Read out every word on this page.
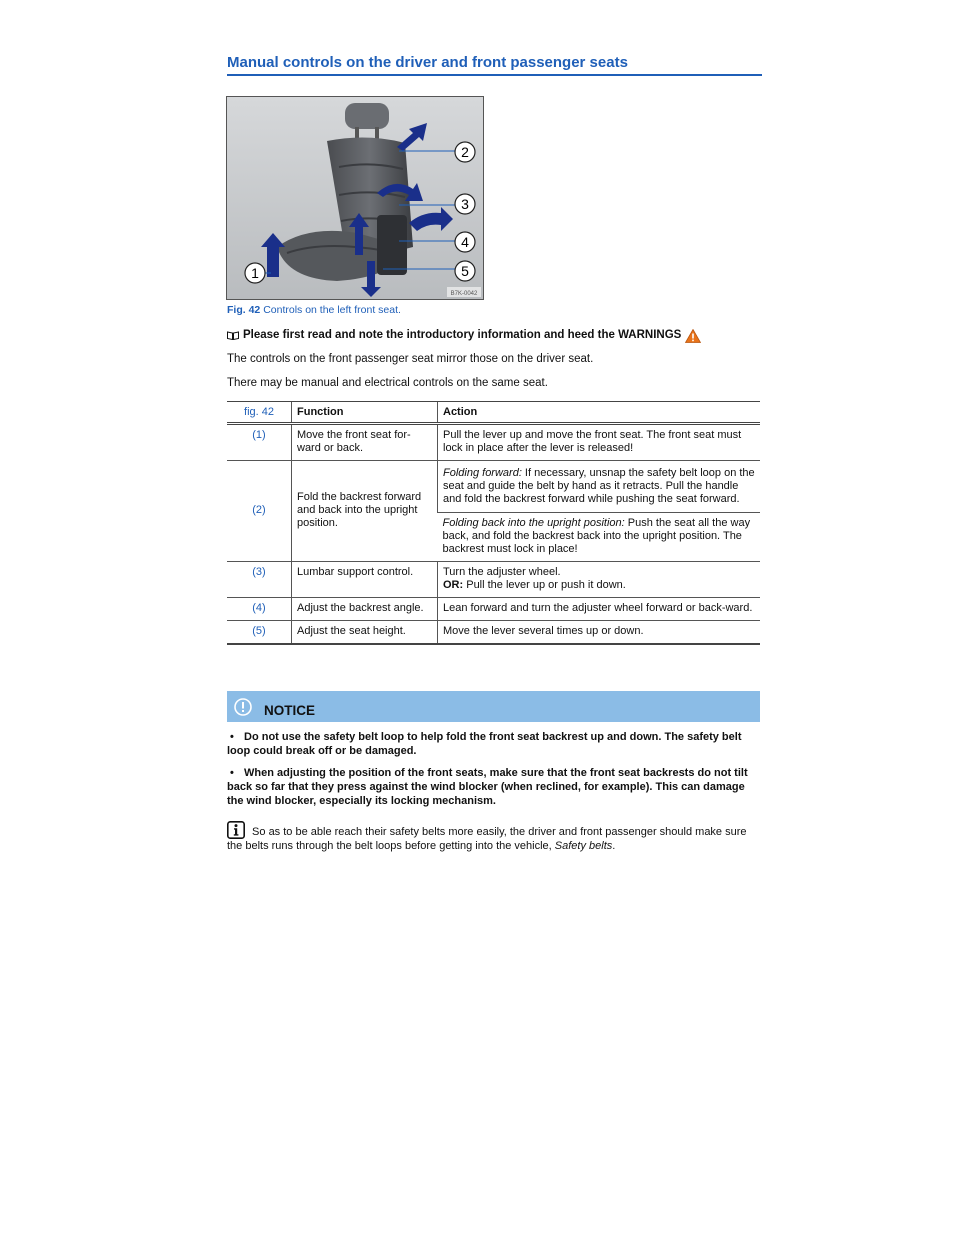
Manual controls on the driver and front passenger seats
1
2
3
4
5
B7K-0042
Fig. 42 Controls on the left front seat.

Please first read and note the introductory information and heed the WARNINGS

The controls on the front passenger seat mirror those on the driver seat.

There may be manual and electrical controls on the same seat.

fig. 42	Function	Action
(1)	Move the front seat for-ward or back.	Pull the lever up and move the front seat. The front seat must lock in place after the lever is released!
(2)	Fold the backrest forward and back into the upright position.	Folding forward: If necessary, unsnap the safety belt loop on the seat and guide the belt by hand as it retracts. Pull the handle and fold the backrest forward while pushing the seat forward.
		Folding back into the upright position: Push the seat all the way back, and fold the backrest back into the upright position. The backrest must lock in place!
(3)	Lumbar support control.	Turn the adjuster wheel.
OR: Pull the lever up or push it down.
(4)	Adjust the backrest angle.	Lean forward and turn the adjuster wheel forward or back-ward.
(5)	Adjust the seat height.	Move the lever several times up or down.
NOTICE
• Do not use the safety belt loop to help fold the front seat backrest up and down. The safety belt loop could break off or be damaged.
• When adjusting the position of the front seats, make sure that the front seat backrests do not tilt back so far that they press against the wind blocker (when reclined, for example). This can damage the wind blocker, especially its locking mechanism.
So as to be able reach their safety belts more easily, the driver and front passenger should make sure the belts runs through the belt loops before getting into the vehicle, Safety belts.
